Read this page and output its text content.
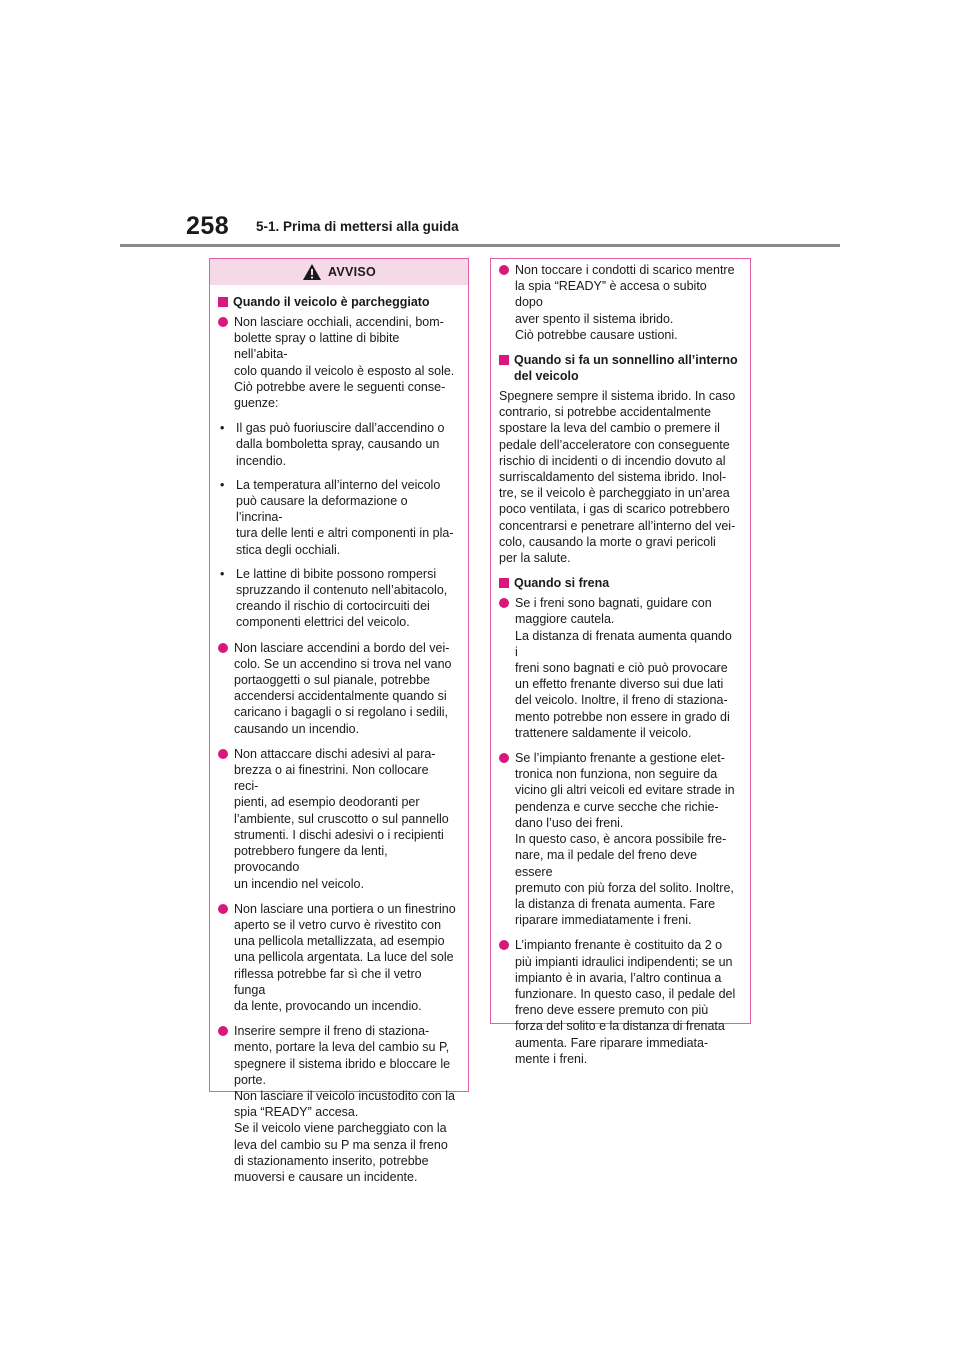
258 5-1. Prima di mettersi alla guida
AVVISO
Quando il veicolo è parcheggiato

Non lasciare occhiali, accendini, bom-

bolette spray o lattine di bibite nell’abita-

colo quando il veicolo è esposto al sole.

Ciò potrebbe avere le seguenti conse-

guenze:

• Il gas può fuoriuscire dall’accendino o

dalla bomboletta spray, causando un

incendio.

• La temperatura all’interno del veicolo

può causare la deformazione o l’incrina-

tura delle lenti e altri componenti in pla-

stica degli occhiali.

• Le lattine di bibite possono rompersi

spruzzando il contenuto nell’abitacolo,

creando il rischio di cortocircuiti dei

componenti elettrici del veicolo.

Non lasciare accendini a bordo del vei-

colo. Se un accendino si trova nel vano

portaoggetti o sul pianale, potrebbe

accendersi accidentalmente quando si

caricano i bagagli o si regolano i sedili,

causando un incendio.

Non attaccare dischi adesivi al para-

brezza o ai finestrini. Non collocare reci-

pienti, ad esempio deodoranti per

l’ambiente, sul cruscotto o sul pannello

strumenti. I dischi adesivi o i recipienti

potrebbero fungere da lenti, provocando

un incendio nel veicolo.

Non lasciare una portiera o un finestrino

aperto se il vetro curvo è rivestito con

una pellicola metallizzata, ad esempio

una pellicola argentata. La luce del sole

riflessa potrebbe far sì che il vetro funga

da lente, provocando un incendio.

Inserire sempre il freno di staziona-

mento, portare la leva del cambio su P,

spegnere il sistema ibrido e bloccare le

porte.

Non lasciare il veicolo incustodito con la

spia “READY” accesa.

Se il veicolo viene parcheggiato con la

leva del cambio su P ma senza il freno

di stazionamento inserito, potrebbe

muoversi e causare un incidente.

Non toccare i condotti di scarico mentre

la spia “READY” è accesa o subito dopo

aver spento il sistema ibrido.

Ciò potrebbe causare ustioni.

Quando si fa un sonnellino all’interno
del veicolo
Spegnere sempre il sistema ibrido. In caso
contrario, si potrebbe accidentalmente
spostare la leva del cambio o premere il
pedale dell’acceleratore con conseguente
rischio di incidenti o di incendio dovuto al
surriscaldamento del sistema ibrido. Inol-
tre, se il veicolo è parcheggiato in un’area
poco ventilata, i gas di scarico potrebbero
concentrarsi e penetrare all’interno del vei-
colo, causando la morte o gravi pericoli
per la salute.
Quando si frena

Se i freni sono bagnati, guidare con

maggiore cautela.

La distanza di frenata aumenta quando i

freni sono bagnati e ciò può provocare

un effetto frenante diverso sui due lati

del veicolo. Inoltre, il freno di staziona-

mento potrebbe non essere in grado di

trattenere saldamente il veicolo.

Se l’impianto frenante a gestione elet-

tronica non funziona, non seguire da

vicino gli altri veicoli ed evitare strade in

pendenza e curve secche che richie-

dano l’uso dei freni.

In questo caso, è ancora possibile fre-

nare, ma il pedale del freno deve essere

premuto con più forza del solito. Inoltre,

la distanza di frenata aumenta. Fare

riparare immediatamente i freni.

L’impianto frenante è costituito da 2 o

più impianti idraulici indipendenti; se un

impianto è in avaria, l’altro continua a

funzionare. In questo caso, il pedale del

freno deve essere premuto con più

forza del solito e la distanza di frenata

aumenta. Fare riparare immediata-

mente i freni.
